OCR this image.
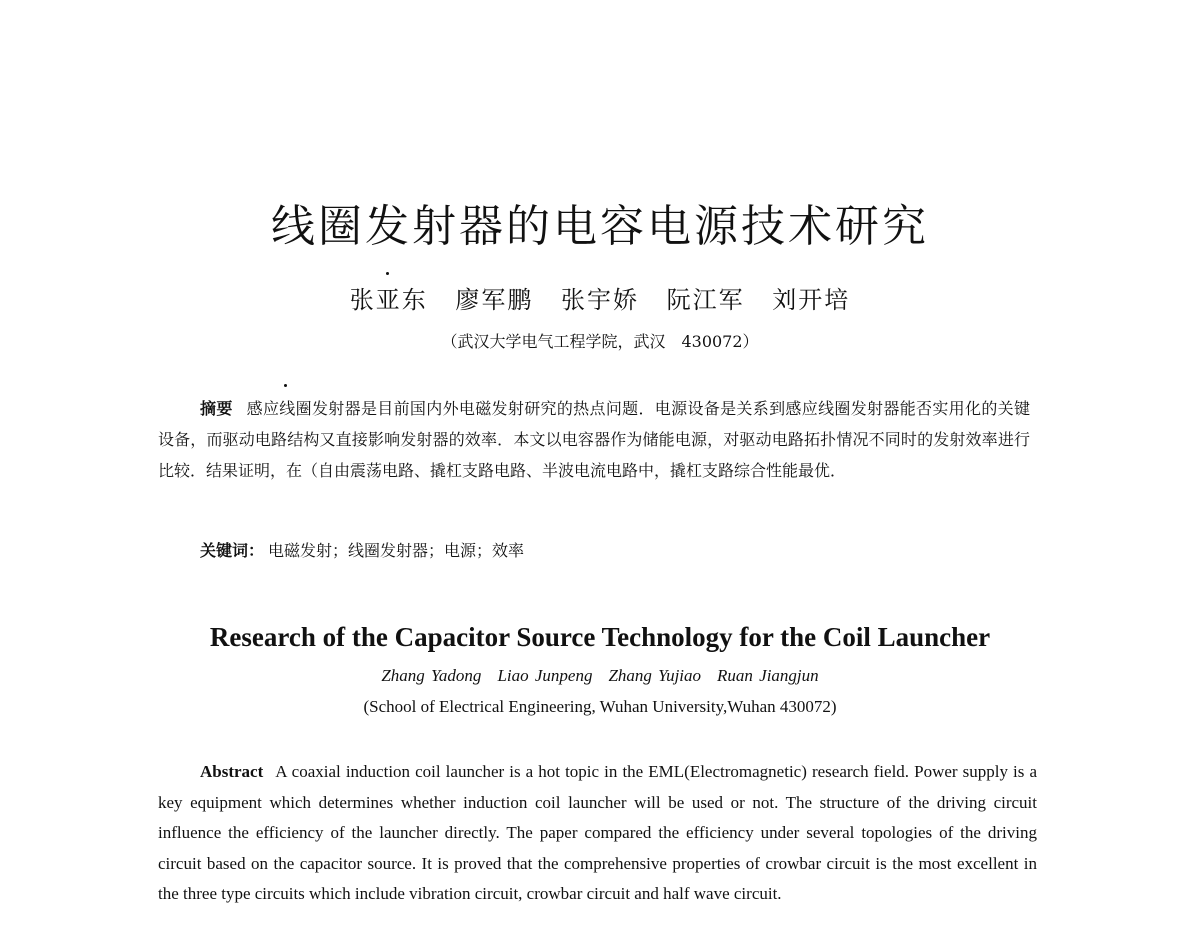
线圈发射器的电容电源技术研究
张亚东 廖军鹏 张宇娇 阮江军 刘开培
（武汉大学电气工程学院，武汉　430072）

摘要 感应线圈发射器是目前国内外电磁发射研究的热点问题．电源设备是关系到感应线圈发射器能否实用化的关键设备，而驱动电路结构又直接影响发射器的效率．本文以电容器作为储能电源，对驱动电路拓扑情况不同时的发射效率进行比较．结果证明，在（自由震荡电路、撬杠支路电路、半波电流电路中，撬杠支路综合性能最优．

关键词： 电磁发射；线圈发射器；电源；效率

Research of the Capacitor Source Technology for the Coil Launcher
Zhang Yadong Liao Junpeng Zhang Yujiao Ruan Jiangjun
(School of Electrical Engineering, Wuhan University,Wuhan 430072)

Abstract A coaxial induction coil launcher is a hot topic in the EML(Electromagnetic) research field. Power supply is a key equipment which determines whether induction coil launcher will be used or not. The structure of the driving circuit influence the efficiency of the launcher directly. The paper compared the efficiency under several topologies of the driving circuit based on the capacitor source. It is proved that the comprehensive properties of crowbar circuit is the most excellent in the three type circuits which include vibration circuit, crowbar circuit and half wave circuit.
